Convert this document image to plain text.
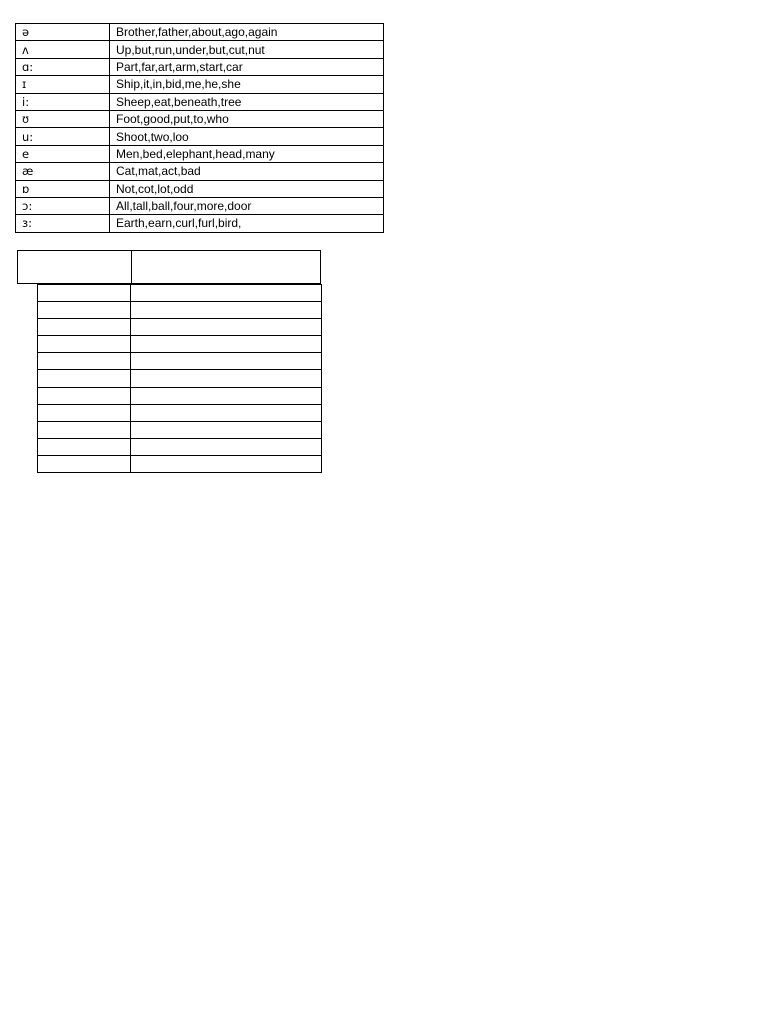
ə	Brother,father,about,ago,again
ʌ	Up,but,run,under,but,cut,nut
ɑ:	Part,far,art,arm,start,car
ɪ	Ship,it,in,bid,me,he,she
i:	Sheep,eat,beneath,tree
ʊ	Foot,good,put,to,who
u:	Shoot,two,loo
e	Men,bed,elephant,head,many
æ	Cat,mat,act,bad
ɒ	Not,cot,lot,odd
ɔ:	All,tall,ball,four,more,door
ɜ:	Earth,earn,curl,furl,bird,
